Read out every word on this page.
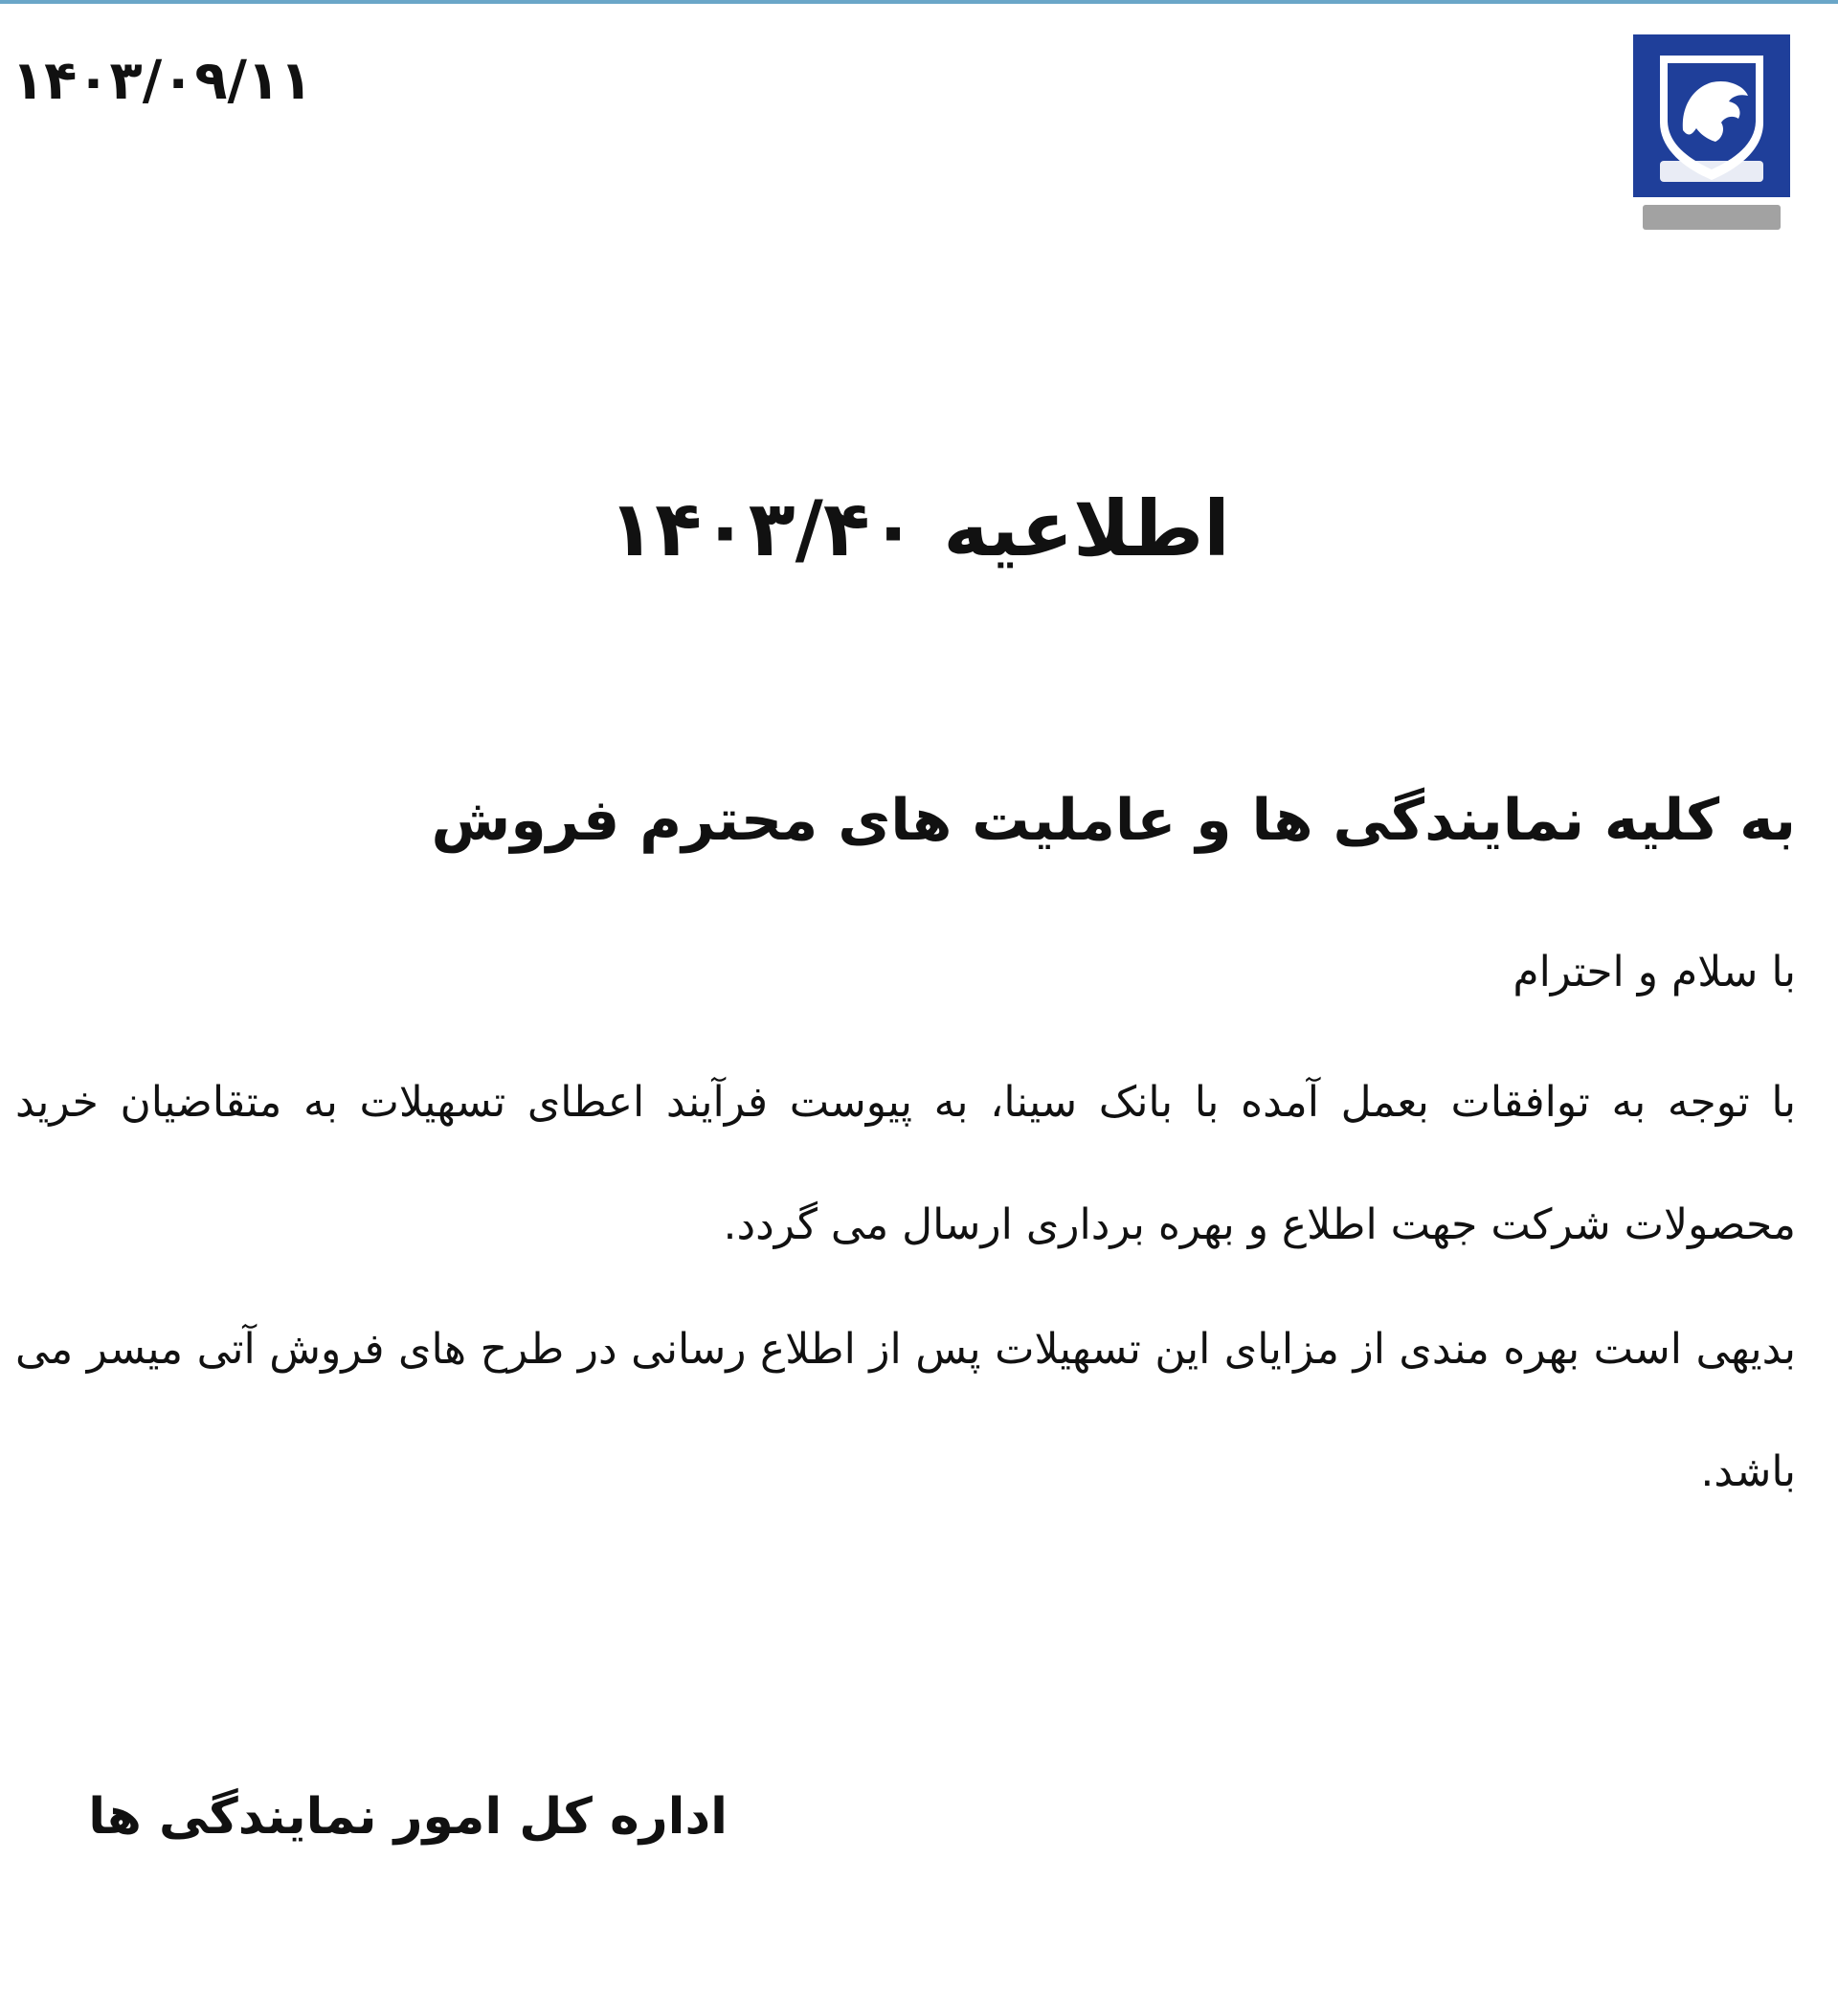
۱۴۰۳/۰۹/۱۱
اطلاعیه ۱۴۰۳/۴۰
به کلیه نمایندگی ها و عاملیت های محترم فروش
با سلام و احترام
با توجه به توافقات بعمل آمده با بانک سینا، به پیوست فرآیند اعطای تسهیلات به متقاضیان خرید محصولات شرکت جهت اطلاع و بهره برداری ارسال می گردد.
بدیهی است بهره مندی از مزایای این تسهیلات پس از اطلاع رسانی در طرح های فروش آتی میسر می باشد.
اداره کل امور نمایندگی ها
